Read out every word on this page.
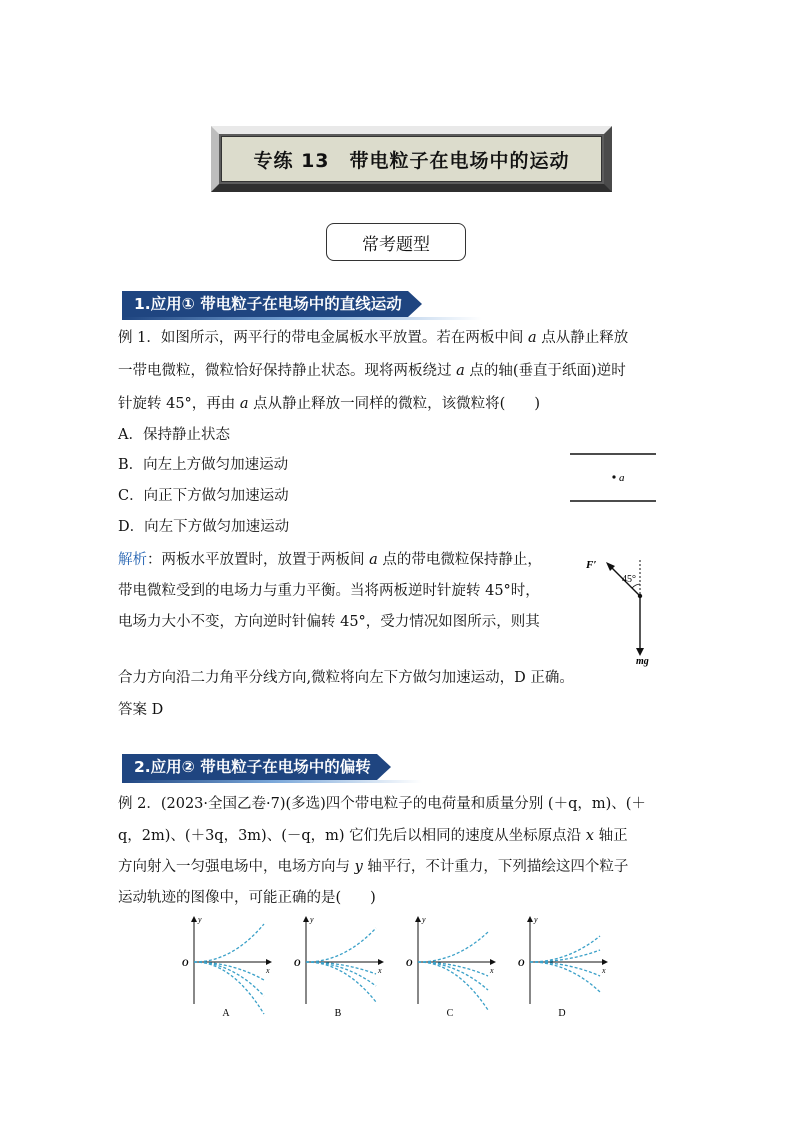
专练 13　带电粒子在电场中的运动
常考题型
1.应用① 带电粒子在电场中的直线运动
例 1．如图所示，两平行的带电金属板水平放置。若在两板中间 a 点从静止释放
一带电微粒，微粒恰好保持静止状态。现将两板绕过 a 点的轴(垂直于纸面)逆时
针旋转 45°，再由 a 点从静止释放一同样的微粒，该微粒将(　　)
A．保持静止状态
B．向左上方做匀加速运动
C．向正下方做匀加速运动
D．向左下方做匀加速运动
a
解析：两板水平放置时，放置于两板间 a 点的带电微粒保持静止，
带电微粒受到的电场力与重力平衡。当将两板逆时针旋转 45°时，
电场力大小不变，方向逆时针偏转 45°，受力情况如图所示，则其
合力方向沿二力角平分线方向,微粒将向左下方做匀加速运动，D 正确。
答案 D
F′
45°
mg
2.应用② 带电粒子在电场中的偏转
例 2．(2023·全国乙卷·7)(多选)四个带电粒子的电荷量和质量分别 (＋q，m)、(＋
q，2m)、(＋3q，3m)、(－q，m) 它们先后以相同的速度从坐标原点沿 x 轴正
方向射入一匀强电场中，电场方向与 y 轴平行，不计重力，下列描绘这四个粒子
运动轨迹的图像中，可能正确的是(　　)
O
y
x
A
O
y
x
B
O
y
x
C
O
y
x
D
